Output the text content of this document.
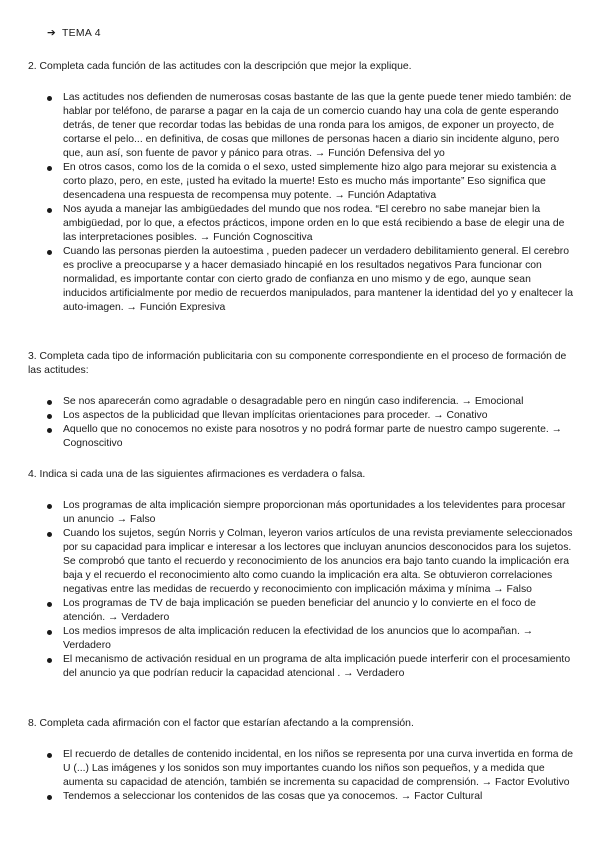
➔ TEMA 4

2. Completa cada función de las actitudes con la descripción que mejor la explique.

Las actitudes nos defienden de numerosas cosas bastante de las que la gente puede tener miedo también: de hablar por teléfono, de pararse a pagar en la caja de un comercio cuando hay una cola de gente esperando detrás, de tener que recordar todas las bebidas de una ronda para los amigos, de exponer un proyecto, de cortarse el pelo... en definitiva, de cosas que millones de personas hacen a diario sin incidente alguno, pero que, aun así, son fuente de pavor y pánico para otras. → Función Defensiva del yo
En otros casos, como los de la comida o el sexo, usted simplemente hizo algo para mejorar su existencia a corto plazo, pero, en este, ¡usted ha evitado la muerte! Esto es mucho más importante” Eso significa que desencadena una respuesta de recompensa muy potente. → Función Adaptativa
Nos ayuda a manejar las ambigüedades del mundo que nos rodea. “El cerebro no sabe manejar bien la ambigüedad, por lo que, a efectos prácticos, impone orden en lo que está recibiendo a base de elegir una de las interpretaciones posibles. → Función Cognoscitiva
Cuando las personas pierden la autoestima , pueden padecer un verdadero debilitamiento general. El cerebro es proclive a preocuparse y a hacer demasiado hincapié en los resultados negativos Para funcionar con normalidad, es importante contar con cierto grado de confianza en uno mismo y de ego, aunque sean inducidos artificialmente por medio de recuerdos manipulados, para mantener la identidad del yo y enaltecer la auto-imagen. → Función Expresiva

3. Completa cada tipo de información publicitaria con su componente correspondiente en el proceso de formación de las actitudes:

Se nos aparecerán como agradable o desagradable pero en ningún caso indiferencia. → Emocional
Los aspectos de la publicidad que llevan implícitas orientaciones para proceder. → Conativo
Aquello que no conocemos no existe para nosotros y no podrá formar parte de nuestro campo sugerente. → Cognoscitivo

4. Indica si cada una de las siguientes afirmaciones es verdadera o falsa.

Los programas de alta implicación siempre proporcionan más oportunidades a los televidentes para procesar un anuncio → Falso
Cuando los sujetos, según Norris y Colman, leyeron varios artículos de una revista previamente seleccionados por su capacidad para implicar e interesar a los lectores que incluyan anuncios desconocidos para los sujetos. Se comprobó que tanto el recuerdo y reconocimiento de los anuncios era bajo tanto cuando la implicación era baja y el recuerdo el reconocimiento alto como cuando la implicación era alta. Se obtuvieron correlaciones negativas entre las medidas de recuerdo y reconocimiento con implicación máxima y mínima → Falso
Los programas de TV de baja implicación se pueden beneficiar del anuncio y lo convierte en el foco de atención. → Verdadero
Los medios impresos de alta implicación reducen la efectividad de los anuncios que lo acompañan. → Verdadero
El mecanismo de activación residual en un programa de alta implicación puede interferir con el procesamiento del anuncio ya que podrían reducir la capacidad atencional . → Verdadero

8. Completa cada afirmación con el factor que estarían afectando a la comprensión.

El recuerdo de detalles de contenido incidental, en los niños se representa por una curva invertida en forma de U (...) Las imágenes y los sonidos son muy importantes cuando los niños son pequeños, y a medida que aumenta su capacidad de atención, también se incrementa su capacidad de comprensión. → Factor Evolutivo
Tendemos a seleccionar los contenidos de las cosas que ya conocemos. → Factor Cultural
